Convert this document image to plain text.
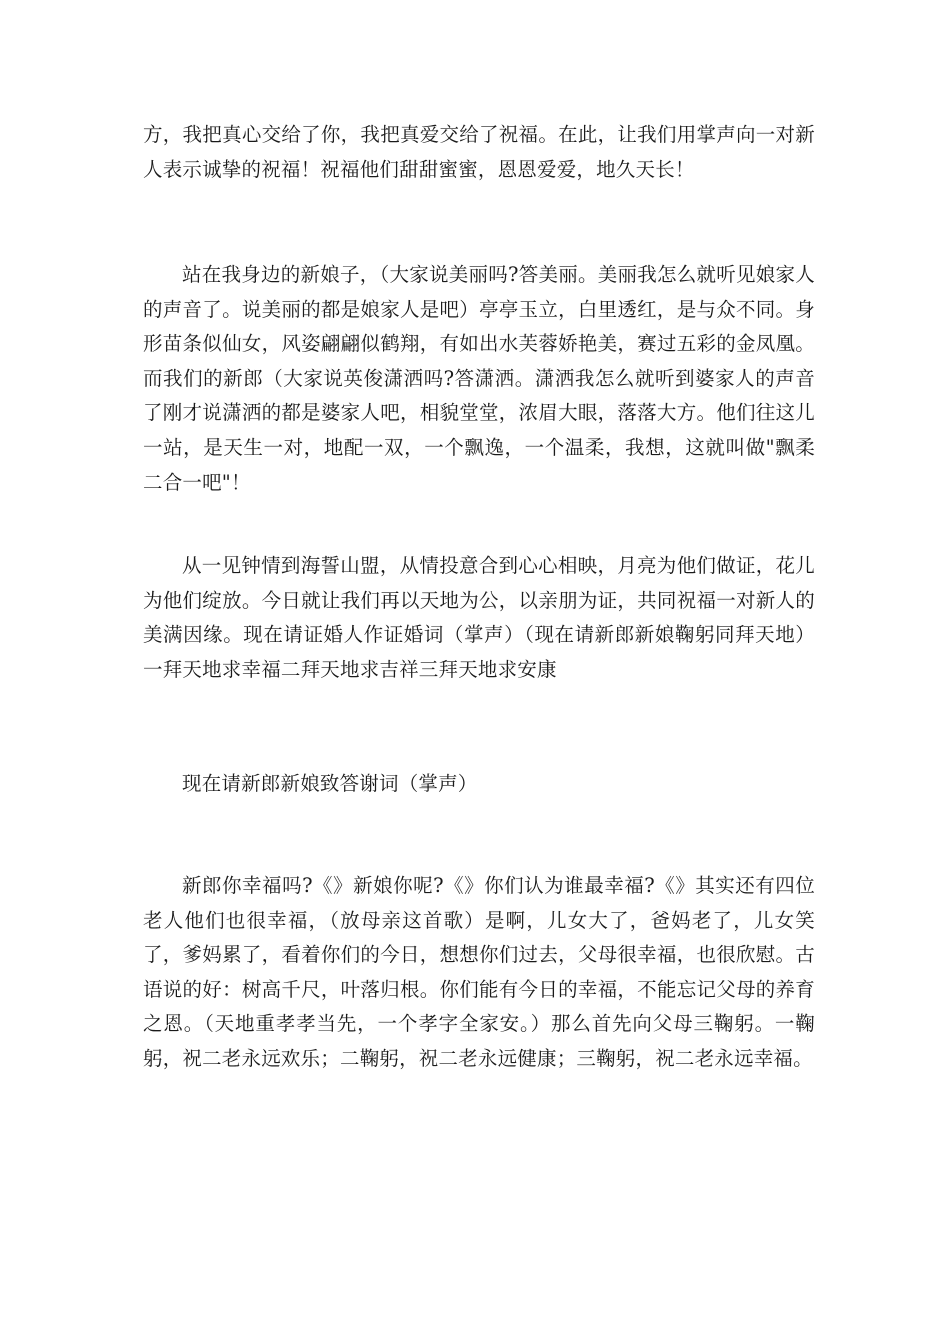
方，我把真心交给了你，我把真爱交给了祝福。在此，让我们用掌声向一对新人表示诚挚的祝福！祝福他们甜甜蜜蜜，恩恩爱爱，地久天长！

站在我身边的新娘子，（大家说美丽吗?答美丽。美丽我怎么就听见娘家人的声音了。说美丽的都是娘家人是吧）亭亭玉立，白里透红，是与众不同。身形苗条似仙女，风姿翩翩似鹤翔，有如出水芙蓉娇艳美，赛过五彩的金凤凰。而我们的新郎（大家说英俊潇洒吗?答潇洒。潇洒我怎么就听到婆家人的声音了刚才说潇洒的都是婆家人吧，相貌堂堂，浓眉大眼，落落大方。他们往这儿一站，是天生一对，地配一双，一个飘逸，一个温柔，我想，这就叫做"飘柔二合一吧"！

从一见钟情到海誓山盟，从情投意合到心心相映，月亮为他们做证，花儿为他们绽放。今日就让我们再以天地为公，以亲朋为证，共同祝福一对新人的美满因缘。现在请证婚人作证婚词（掌声）（现在请新郎新娘鞠躬同拜天地）一拜天地求幸福二拜天地求吉祥三拜天地求安康

现在请新郎新娘致答谢词（掌声）

新郎你幸福吗?《》新娘你呢?《》你们认为谁最幸福?《》其实还有四位老人他们也很幸福，（放母亲这首歌）是啊，儿女大了，爸妈老了，儿女笑了，爹妈累了，看着你们的今日，想想你们过去，父母很幸福，也很欣慰。古语说的好：树高千尺，叶落归根。你们能有今日的幸福，不能忘记父母的养育之恩。（天地重孝孝当先，一个孝字全家安。）那么首先向父母三鞠躬。一鞠躬，祝二老永远欢乐；二鞠躬，祝二老永远健康；三鞠躬，祝二老永远幸福。
